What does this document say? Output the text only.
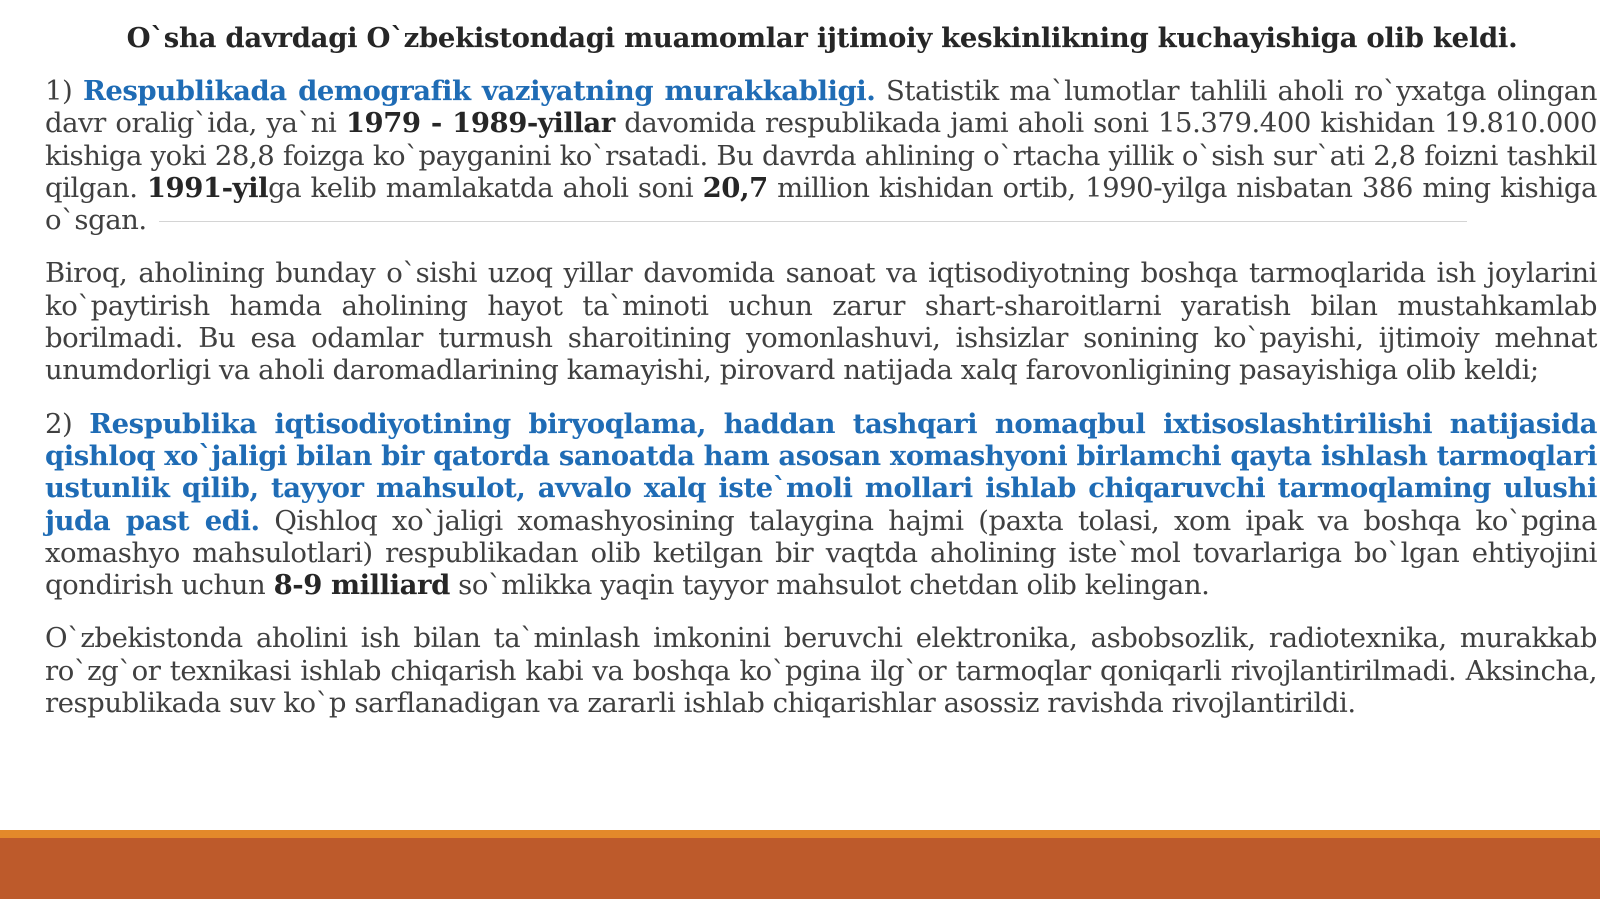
O`sha davrdagi O`zbekistondagi muamomlar ijtimoiy keskinlikning kuchayishiga olib keldi.

1) Respublikada demografik vaziyatning murakkabligi. Statistik ma`lumotlar tahlili aholi ro`yxatga olingan davr oralig`ida, ya`ni 1979 - 1989-yillar davomida respublikada jami aholi soni 15.379.400 kishidan 19.810.000 kishiga yoki 28,8 foizga ko`payganini ko`rsatadi. Bu davrda ahlining o`rtacha yillik o`sish sur`ati 2,8 foizni tashkil qilgan. 1991-yilga kelib mamlakatda aholi soni 20,7 million kishidan ortib, 1990-yilga nisbatan 386 ming kishiga o`sgan.

Biroq, aholining bunday o`sishi uzoq yillar davomida sanoat va iqtisodiyotning boshqa tarmoqlarida ish joylarini ko`paytirish hamda aholining hayot ta`minoti uchun zarur shart-sharoitlarni yaratish bilan mustahkamlab borilmadi. Bu esa odamlar turmush sharoitining yomonlashuvi, ishsizlar sonining ko`payishi, ijtimoiy mehnat unumdorligi va aholi daromadlarining kamayishi, pirovard natijada xalq farovonligining pasayishiga olib keldi;

2) Respublika iqtisodiyotining biryoqlama, haddan tashqari nomaqbul ixtisoslashtirilishi natijasida qishloq xo`jaligi bilan bir qatorda sanoatda ham asosan xomashyoni birlamchi qayta ishlash tarmoqlari ustunlik qilib, tayyor mahsulot, avvalo xalq iste`moli mollari ishlab chiqaruvchi tarmoqlaming ulushi juda past edi. Qishloq xo`jaligi xomashyosining talaygina hajmi (paxta tolasi, xom ipak va boshqa ko`pgina xomashyo mahsulotlari) respublikadan olib ketilgan bir vaqtda aholining iste`mol tovarlariga bo`lgan ehtiyojini qondirish uchun 8-9 milliard so`mlikka yaqin tayyor mahsulot chetdan olib kelingan.

O`zbekistonda aholini ish bilan ta`minlash imkonini beruvchi elektronika, asbobsozlik, radiotexnika, murakkab ro`zg`or texnikasi ishlab chiqarish kabi va boshqa ko`pgina ilg`or tarmoqlar qoniqarli rivojlantirilmadi. Aksincha, respublikada suv ko`p sarflanadigan va zararli ishlab chiqarishlar asossiz ravishda rivojlantirildi.
